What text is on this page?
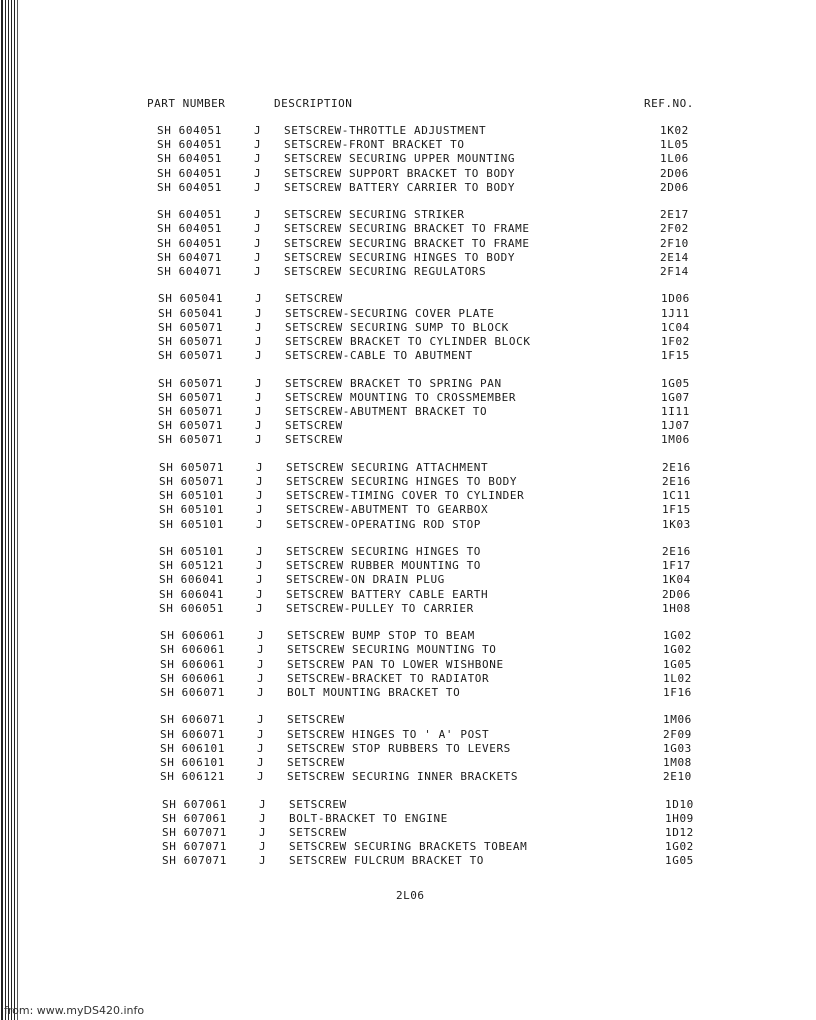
PART NUMBER	DESCRIPTION	REF.NO.
SH 604051	J SETSCREW-THROTTLE ADJUSTMENT	1K02
SH 604051	J SETSCREW-FRONT BRACKET TO	1L05
SH 604051	J SETSCREW SECURING UPPER MOUNTING	1L06
SH 604051	J SETSCREW SUPPORT BRACKET TO BODY	2D06
SH 604051	J SETSCREW BATTERY CARRIER TO BODY	2D06
SH 604051	J SETSCREW SECURING STRIKER	2E17
SH 604051	J SETSCREW SECURING BRACKET TO FRAME	2F02
SH 604051	J SETSCREW SECURING BRACKET TO FRAME	2F10
SH 604071	J SETSCREW SECURING HINGES TO BODY	2E14
SH 604071	J SETSCREW SECURING REGULATORS	2F14
SH 605041	J SETSCREW	1D06
SH 605041	J SETSCREW-SECURING COVER PLATE	1J11
SH 605071	J SETSCREW SECURING SUMP TO BLOCK	1C04
SH 605071	J SETSCREW BRACKET TO CYLINDER BLOCK	1F02
SH 605071	J SETSCREW-CABLE TO ABUTMENT	1F15
SH 605071	J SETSCREW BRACKET TO SPRING PAN	1G05
SH 605071	J SETSCREW MOUNTING TO CROSSMEMBER	1G07
SH 605071	J SETSCREW-ABUTMENT BRACKET TO	1I11
SH 605071	J SETSCREW	1J07
SH 605071	J SETSCREW	1M06
SH 605071	J SETSCREW SECURING ATTACHMENT	2E16
SH 605071	J SETSCREW SECURING HINGES TO BODY	2E16
SH 605101	J SETSCREW-TIMING COVER TO CYLINDER	1C11
SH 605101	J SETSCREW-ABUTMENT TO GEARBOX	1F15
SH 605101	J SETSCREW-OPERATING ROD STOP	1K03
SH 605101	J SETSCREW SECURING HINGES TO	2E16
SH 605121	J SETSCREW RUBBER MOUNTING TO	1F17
SH 606041	J SETSCREW-ON DRAIN PLUG	1K04
SH 606041	J SETSCREW BATTERY CABLE EARTH	2D06
SH 606051	J SETSCREW-PULLEY TO CARRIER	1H08
SH 606061	J SETSCREW BUMP STOP TO BEAM	1G02
SH 606061	J SETSCREW SECURING MOUNTING TO	1G02
SH 606061	J SETSCREW PAN TO LOWER WISHBONE	1G05
SH 606061	J SETSCREW-BRACKET TO RADIATOR	1L02
SH 606071	J BOLT MOUNTING BRACKET TO	1F16
SH 606071	J SETSCREW	1M06
SH 606071	J SETSCREW HINGES TO ' A' POST	2F09
SH 606101	J SETSCREW STOP RUBBERS TO LEVERS	1G03
SH 606101	J SETSCREW	1M08
SH 606121	J SETSCREW SECURING INNER BRACKETS	2E10
SH 607061	J SETSCREW	1D10
SH 607061	J BOLT-BRACKET TO ENGINE	1H09
SH 607071	J SETSCREW	1D12
SH 607071	J SETSCREW SECURING BRACKETS TOBEAM	1G02
SH 607071	J SETSCREW FULCRUM BRACKET TO	1G05
2L06
from: www.myDS420.info
